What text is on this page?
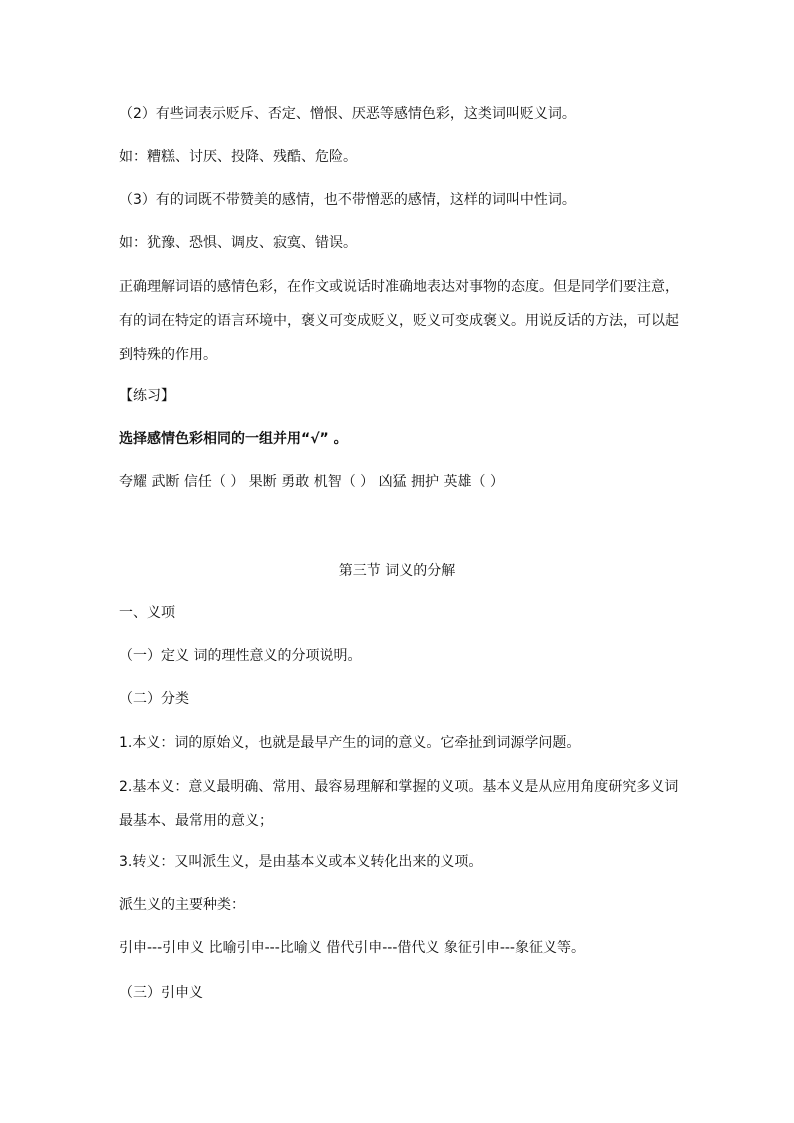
（2）有些词表示贬斥、否定、憎恨、厌恶等感情色彩，这类词叫贬义词。
如：糟糕、讨厌、投降、残酷、危险。
（3）有的词既不带赞美的感情，也不带憎恶的感情，这样的词叫中性词。
如：犹豫、恐惧、调皮、寂寞、错误。
正确理解词语的感情色彩，在作文或说话时准确地表达对事物的态度。但是同学们要注意，
有的词在特定的语言环境中，褒义可变成贬义，贬义可变成褒义。用说反话的方法，可以起
到特殊的作用。
【练习】
选择感情色彩相同的一组并用“√” 。
夸耀 武断 信任（ ） 果断 勇敢 机智（ ） 凶猛 拥护 英雄（ ）
第三节 词义的分解
一、义项
（一）定义 词的理性意义的分项说明。
（二）分类
1.本义：词的原始义，也就是最早产生的词的意义。它牵扯到词源学问题。
2.基本义：意义最明确、常用、最容易理解和掌握的义项。基本义是从应用角度研究多义词
最基本、最常用的意义；
3.转义：又叫派生义，是由基本义或本义转化出来的义项。
派生义的主要种类：
引申---引申义 比喻引申---比喻义 借代引申---借代义 象征引申---象征义等。
（三）引申义
